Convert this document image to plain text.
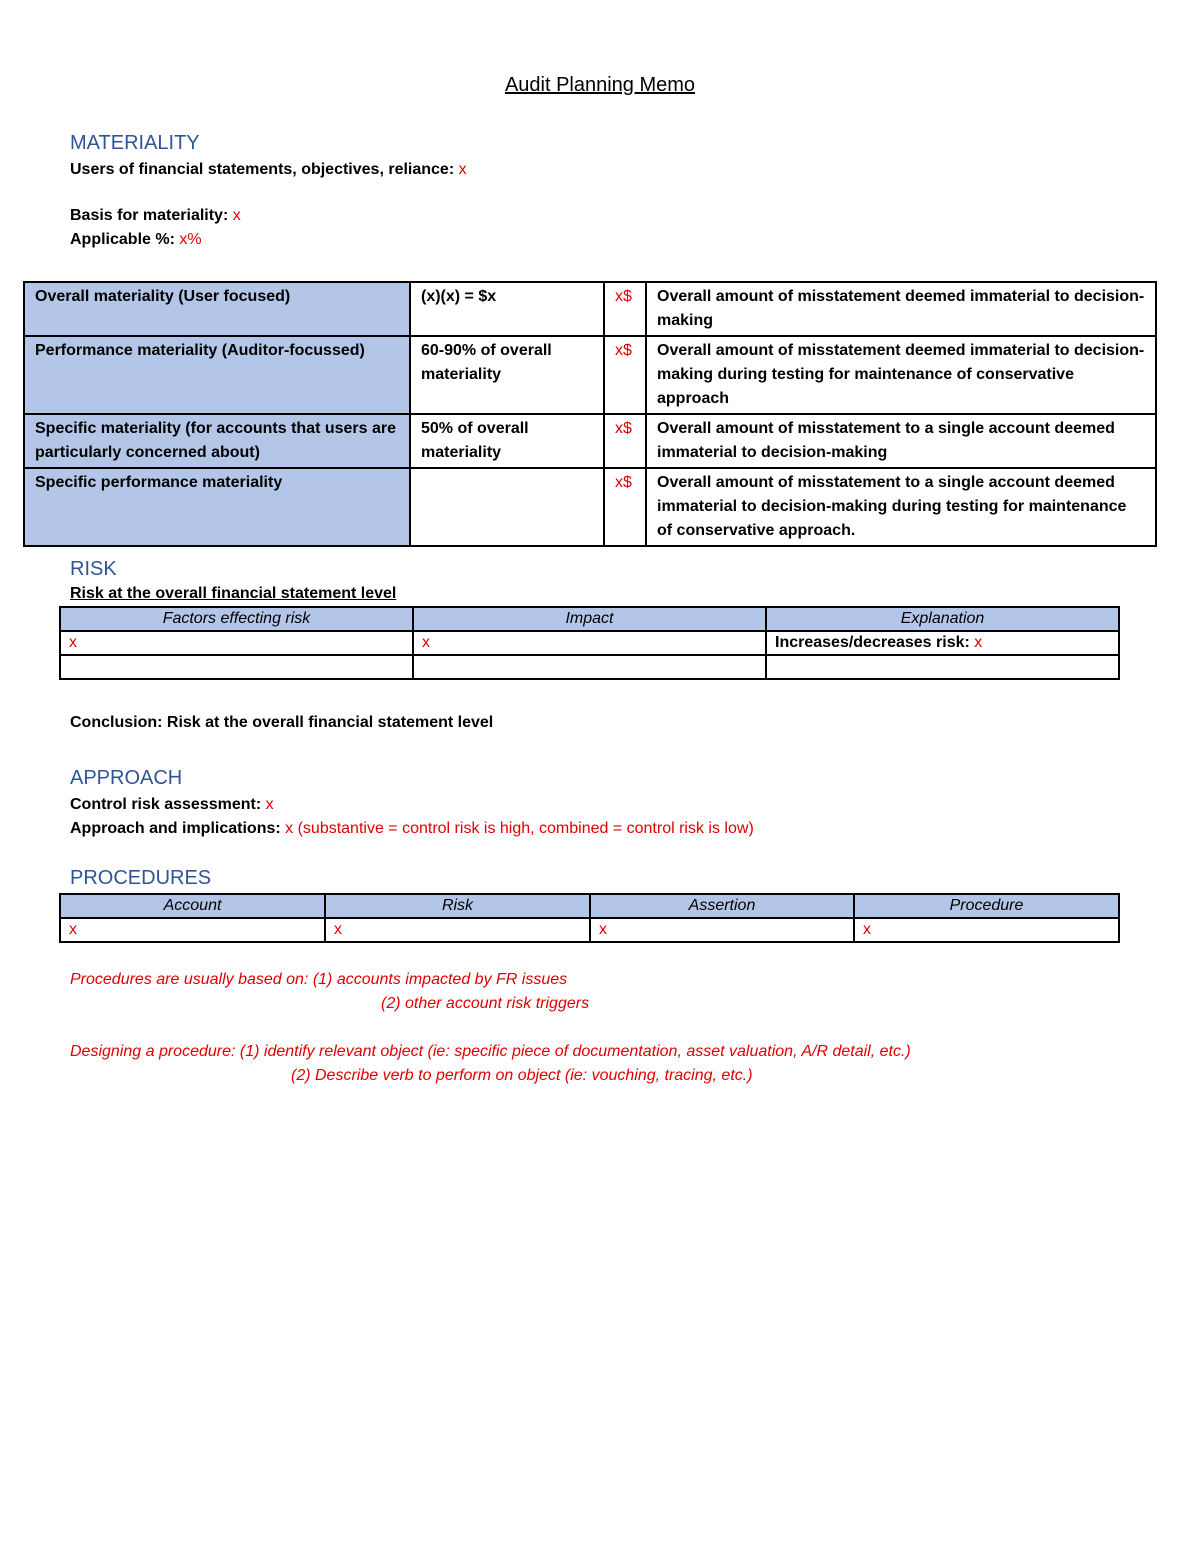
Audit Planning Memo
MATERIALITY
Users of financial statements, objectives, reliance: x
Basis for materiality: x
Applicable %: x%
Overall materiality (User focused)	(x)(x) = $x	x$	Overall amount of misstatement deemed immaterial to decision-making
Performance materiality (Auditor-focussed)	60-90% of overall materiality	x$	Overall amount of misstatement deemed immaterial to decision-making during testing for maintenance of conservative approach
Specific materiality (for accounts that users are particularly concerned about)	50% of overall materiality	x$	Overall amount of misstatement to a single account deemed immaterial to decision-making
Specific performance materiality		x$	Overall amount of misstatement to a single account deemed immaterial to decision-making during testing for maintenance of conservative approach.
RISK
Risk at the overall financial statement level
Factors effecting risk	Impact	Explanation
x	x	Increases/decreases risk: x

Conclusion: Risk at the overall financial statement level
APPROACH
Control risk assessment: x
Approach and implications: x (substantive = control risk is high, combined = control risk is low)
PROCEDURES
Account	Risk	Assertion	Procedure
x	x	x	x
Procedures are usually based on: (1) accounts impacted by FR issues
(2) other account risk triggers
Designing a procedure: (1) identify relevant object (ie: specific piece of documentation, asset valuation, A/R detail, etc.)
(2) Describe verb to perform on object (ie: vouching, tracing, etc.)
